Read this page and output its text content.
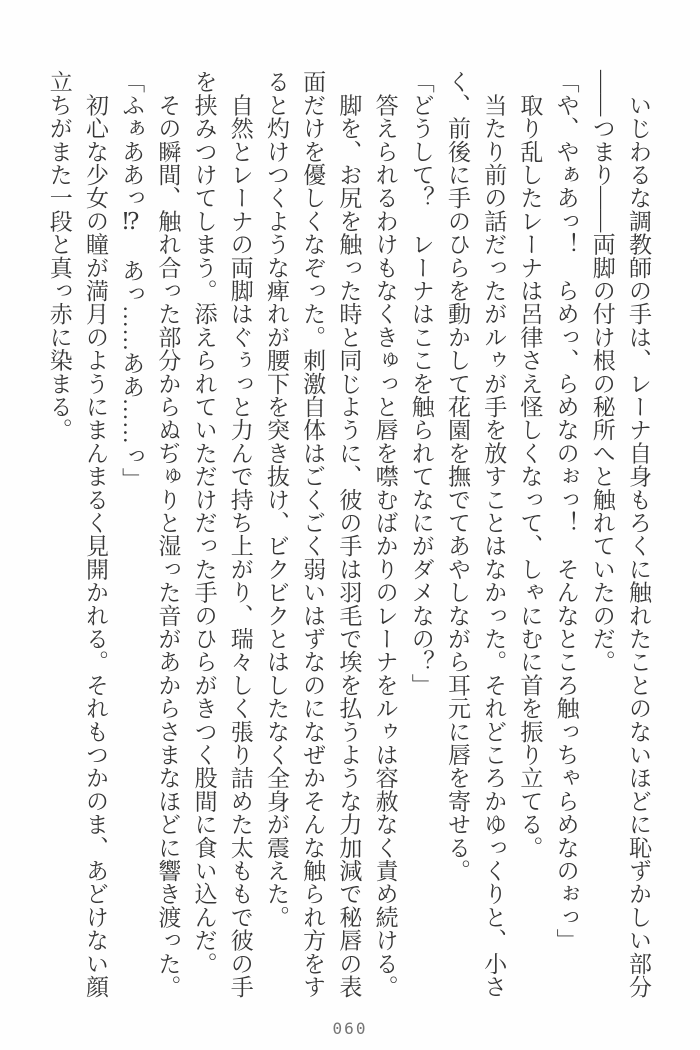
　いじわるな調教師の手は、レーナ自身もろくに触れたことのないほどに恥ずかしい部分

――つまり――両脚の付け根の秘所へと触れていたのだ。

「や、やぁあっ！　らめっ、らめなのぉっ！　そんなところ触っちゃらめなのぉっ」

　取り乱したレーナは呂律さえ怪しくなって、しゃにむに首を振り立てる。

　当たり前の話だったがルゥが手を放すことはなかった。それどころかゆっくりと、小さ

く、前後に手のひらを動かして花園を撫でてあやしながら耳元に唇を寄せる。

「どうして？　レーナはここを触られてなにがダメなの？」

　答えられるわけもなくきゅっと唇を噤むばかりのレーナをルゥは容赦なく責め続ける。

　脚を、お尻を触った時と同じように、彼の手は羽毛で埃を払うような力加減で秘唇の表

面だけを優しくなぞった。刺激自体はごくごく弱いはずなのになぜかそんな触られ方をす

ると灼けつくような痺れが腰下を突き抜け、ビクビクとはしたなく全身が震えた。

　自然とレーナの両脚はぐぅっと力んで持ち上がり、瑞々しく張り詰めた太ももで彼の手

を挟みつけてしまう。添えられていただけだった手のひらがきつく股間に食い込んだ。

　その瞬間、触れ合った部分からぬぢゅりと湿った音があからさまなほどに響き渡った。

「ふぁああっ⁉　あっ……ああ……っ」

　初心な少女の瞳が満月のようにまんまるく見開かれる。それもつかのま、あどけない顔

立ちがまた一段と真っ赤に染まる。

060
